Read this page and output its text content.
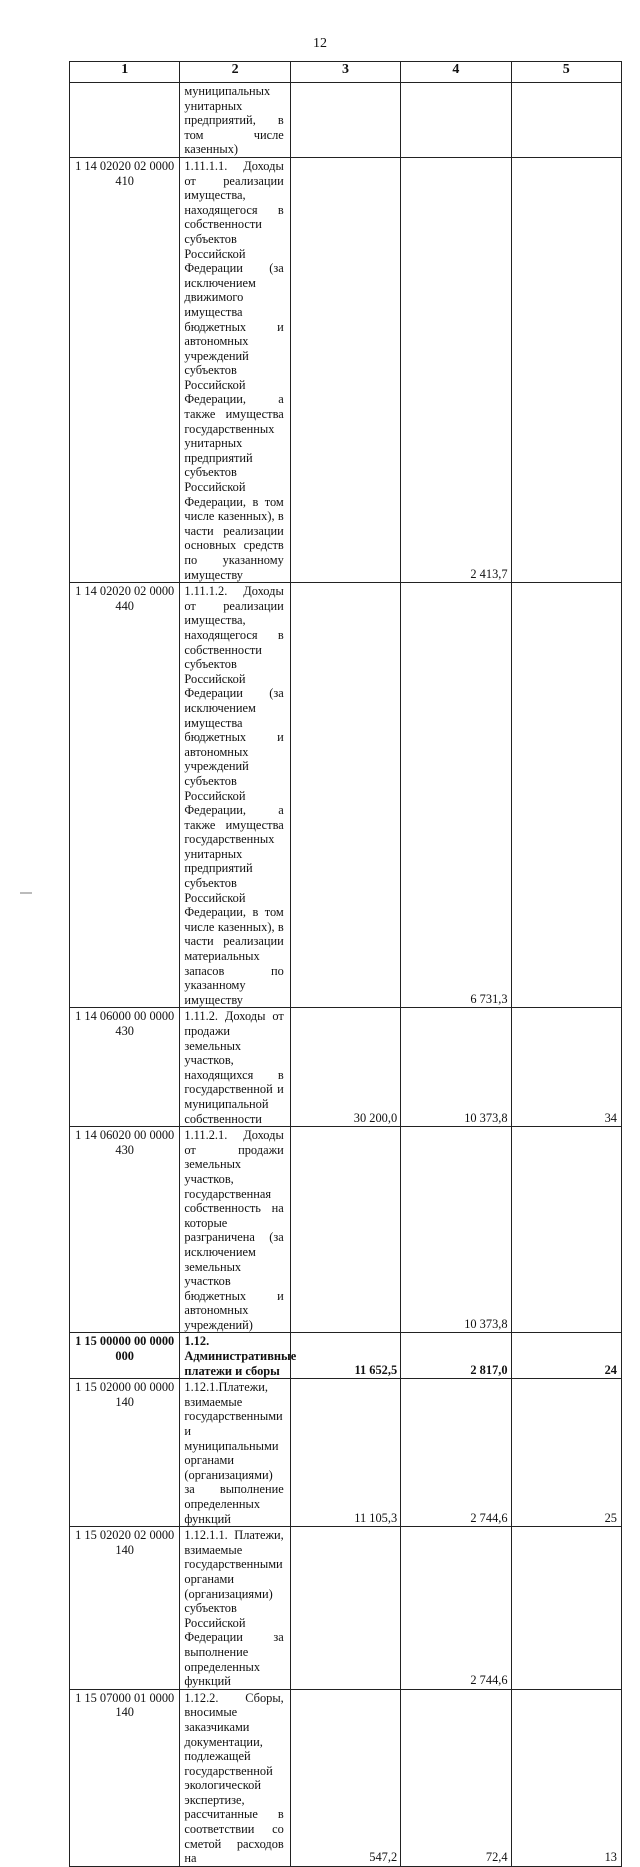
12
1	2	3	4	5
	муниципальных унитарных предприятий, в том числе казенных)			
1 14 02020 02 0000 410	1.11.1.1. Доходы от реализации имущества, находящегося в собственности субъектов Российской Федерации (за исключением движимого имущества бюджетных и автономных учреждений субъектов Российской Федерации, а также имущества государственных унитарных предприятий субъектов Российской Федерации, в том числе казенных), в части реализации основных средств по указанному имуществу		2 413,7	
1 14 02020 02 0000 440	1.11.1.2. Доходы от реализации имущества, находящегося в собственности субъектов Российской Федерации (за исключением имущества бюджетных и автономных учреждений субъектов Российской Федерации, а также имущества государственных унитарных предприятий субъектов Российской Федерации, в том числе казенных), в части реализации материальных запасов по указанному имуществу		6 731,3	
1 14 06000 00 0000 430	1.11.2. Доходы от продажи земельных участков, находящихся в государственной и муниципальной собственности	30 200,0	10 373,8	34
1 14 06020 00 0000 430	1.11.2.1. Доходы от продажи земельных участков, государственная собственность на которые разграничена (за исключением земельных участков бюджетных и автономных учреждений)		10 373,8	
1 15 00000 00 0000 000	1.12. Административные платежи и сборы	11 652,5	2 817,0	24
1 15 02000 00 0000 140	1.12.1.Платежи, взимаемые государственными и муниципальными органами (организациями) за выполнение определенных функций	11 105,3	2 744,6	25
1 15 02020 02 0000 140	1.12.1.1. Платежи, взимаемые государственными органами (организациями) субъектов Российской Федерации за выполнение определенных функций		2 744,6	
1 15 07000 01 0000 140	1.12.2. Сборы, вносимые заказчиками документации, подлежащей государственной экологической экспертизе, рассчитанные в соответствии со сметой расходов на	547,2	72,4	13
